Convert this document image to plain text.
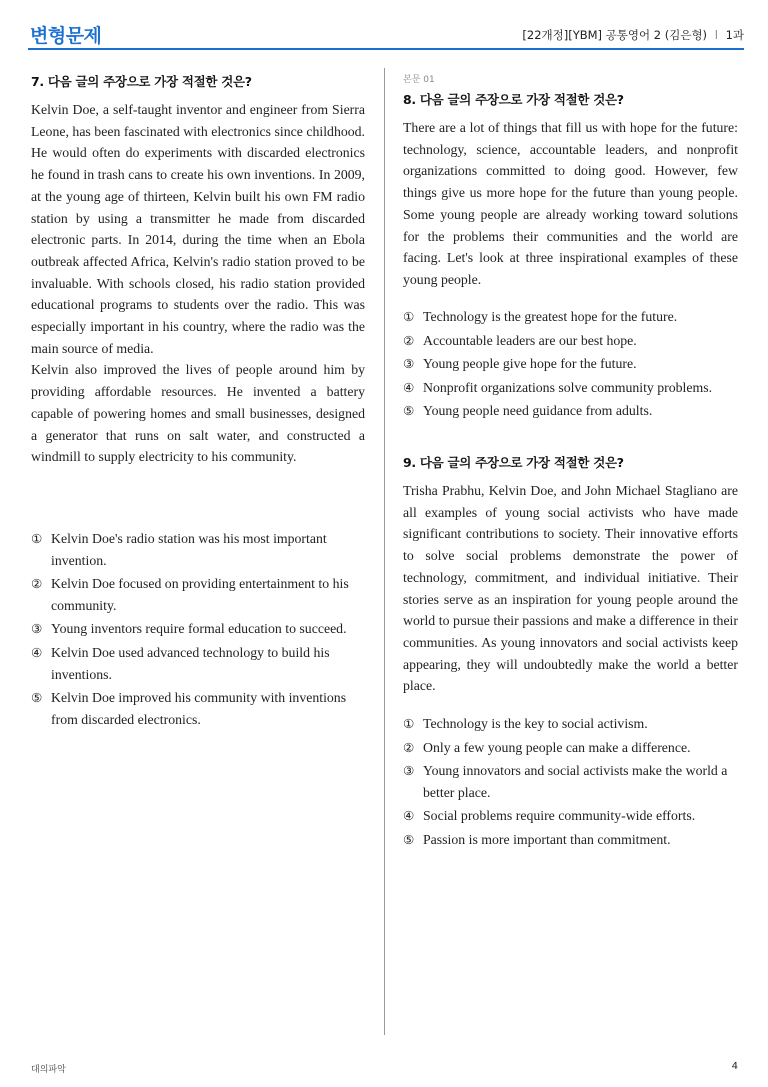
변형문제	[22개정][YBM] 공통영어 2 (김은형) l 1과
7. 다음 글의 주장으로 가장 적절한 것은?

Kelvin Doe, a self-taught inventor and engineer from Sierra Leone, has been fascinated with electronics since childhood. He would often do experiments with discarded electronics he found in trash cans to create his own inventions. In 2009, at the young age of thirteen, Kelvin built his own FM radio station by using a transmitter he made from discarded electronic parts. In 2014, during the time when an Ebola outbreak affected Africa, Kelvin's radio station proved to be invaluable. With schools closed, his radio station provided educational programs to students over the radio. This was especially important in his country, where the radio was the main source of media.

Kelvin also improved the lives of people around him by providing affordable resources. He invented a battery capable of powering homes and small businesses, designed a generator that runs on salt water, and constructed a windmill to supply electricity to his community.

① Kelvin Doe's radio station was his most important invention.
② Kelvin Doe focused on providing entertainment to his community.
③ Young inventors require formal education to succeed.
④ Kelvin Doe used advanced technology to build his inventions.
⑤ Kelvin Doe improved his community with inventions from discarded electronics.
본문 01
8. 다음 글의 주장으로 가장 적절한 것은?

There are a lot of things that fill us with hope for the future: technology, science, accountable leaders, and nonprofit organizations committed to doing good. However, few things give us more hope for the future than young people. Some young people are already working toward solutions for the problems their communities and the world are facing. Let's look at three inspirational examples of these young people.

① Technology is the greatest hope for the future.
② Accountable leaders are our best hope.
③ Young people give hope for the future.
④ Nonprofit organizations solve community problems.
⑤ Young people need guidance from adults.
9. 다음 글의 주장으로 가장 적절한 것은?

Trisha Prabhu, Kelvin Doe, and John Michael Stagliano are all examples of young social activists who have made significant contributions to society. Their innovative efforts to solve social problems demonstrate the power of technology, commitment, and individual initiative. Their stories serve as an inspiration for young people around the world to pursue their passions and make a difference in their communities. As young innovators and social activists keep appearing, they will undoubtedly make the world a better place.

① Technology is the key to social activism.
② Only a few young people can make a difference.
③ Young innovators and social activists make the world a better place.
④ Social problems require community-wide efforts.
⑤ Passion is more important than commitment.
대의파악	4
